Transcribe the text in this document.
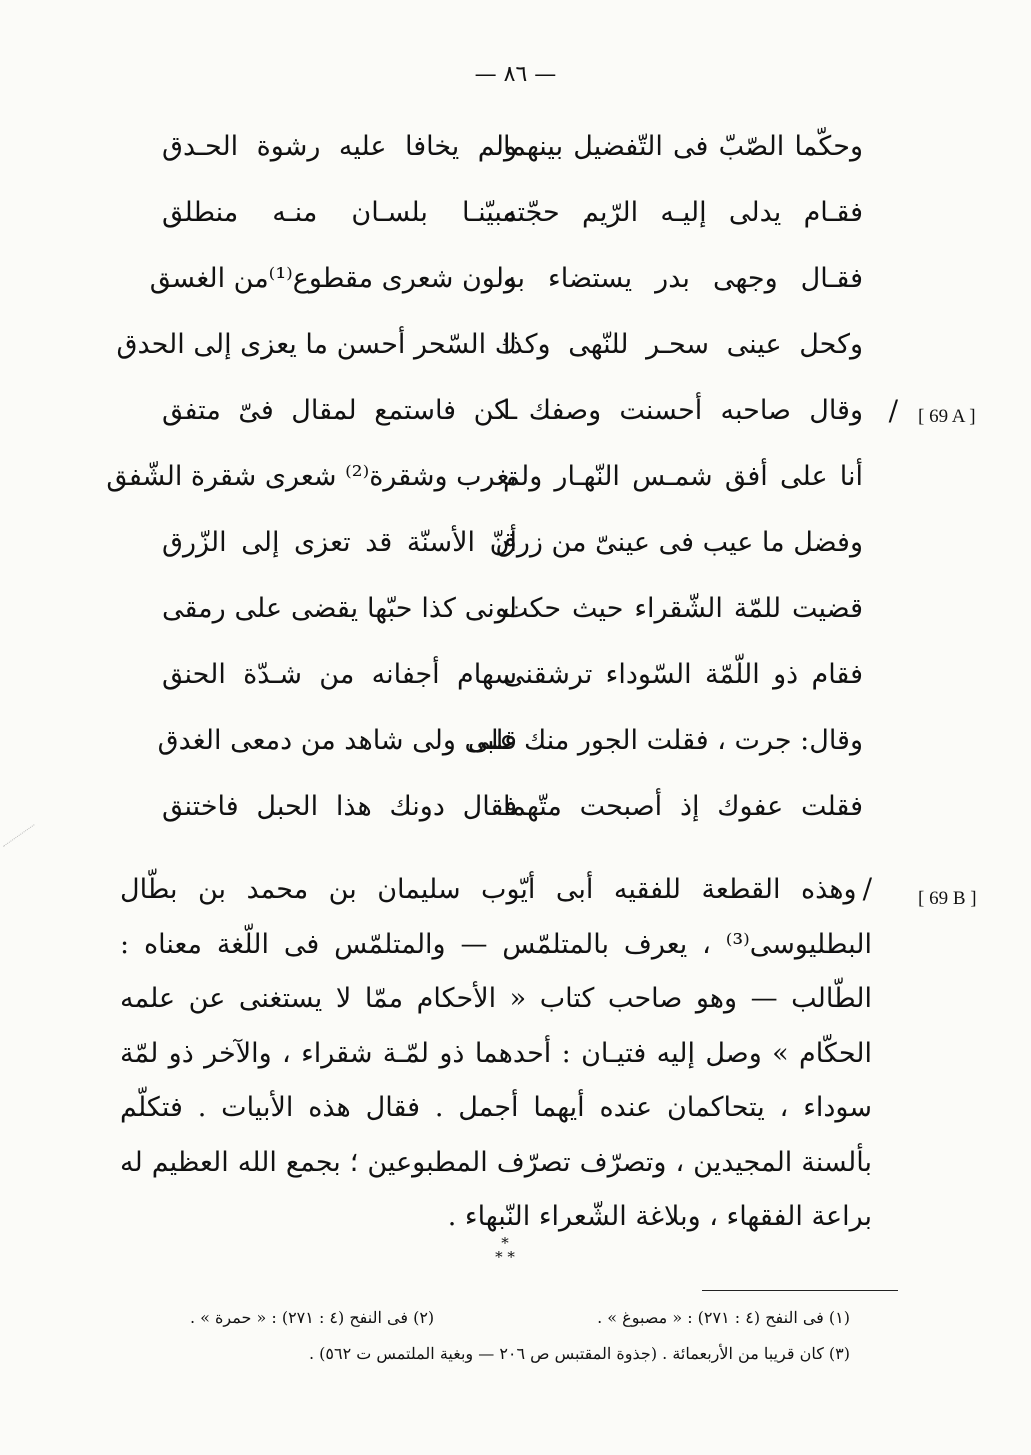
— ٨٦ —
وحكّما الصّبّ فى التّفضيل بينهما
ولم يخافا عليه رشوة الحـدق
فقـام يدلى إليـه الرّيم حجّته
مبيّنـا بلسـان منـه منطلق
فقـال وجهى بدر يستضاء به
ولون شعرى مقطوع⁽¹⁾من الغسق
وكحل عينى سحـر للنّهى وكذا
ك السّحر أحسن ما يعزى إلى الحدق
/
وقال صاحبه أحسنت وصفك ا
ـكن فاستمع لمقال فىّ متفق
أنا على أفق شمـس النّهـار ولم
تغرب وشقرة⁽²⁾ شعرى شقرة الشّفق
وفضل ما عيب فى عينىّ من زرق
أنّ الأسنّة قد تعزى إلى الزّرق
قضيت للمّة الشّقراء حيث حكت
لونى كذا حبّها يقضى على رمقى
فقام ذو اللّمّة السّوداء ترشقنى
سهام أجفانه من شـدّة الحنق
وقال: جرت ، فقلت الجور منك على
قلبى ولى شاهد من دمعى الغدق
فقلت عفوك إذ أصبحت متّهما
فقال دونك هذا الحبل فاختنق
[ 69 A ]

/وهذه القطعة للفقيه أبى أيّوب سليمان بن محمد بن بطّال البطليوسى⁽³⁾ ، يعرف بالمتلمّس — والمتلمّس فى اللّغة معناه : الطّالب — وهو صاحب كتاب « الأحكام ممّا لا يستغنى عن علمه الحكّام » وصل إليه فتيـان : أحدهما ذو لمّـة شقراء ، والآخر ذو لمّة سوداء ، يتحاكمان عنده أيهما أجمل . فقال هذه الأبيات . فتكلّم بألسنة المجيدين ، وتصرّف تصرّف المطبوعين ؛ بجمع الله العظيم له براعة الفقهاء ، وبلاغة الشّعراء النّبهاء .

[ 69 B ]
*
* *
(١) فى النفح (٤ : ٢٧١) : « مصبوغ » .
(٢) فى النفح (٤ : ٢٧١) : « حمرة » .
(٣) كان قريبا من الأربعمائة . (جذوة المقتبس ص ٢٠٦ — وبغية الملتمس ت ٥٦٢) .
